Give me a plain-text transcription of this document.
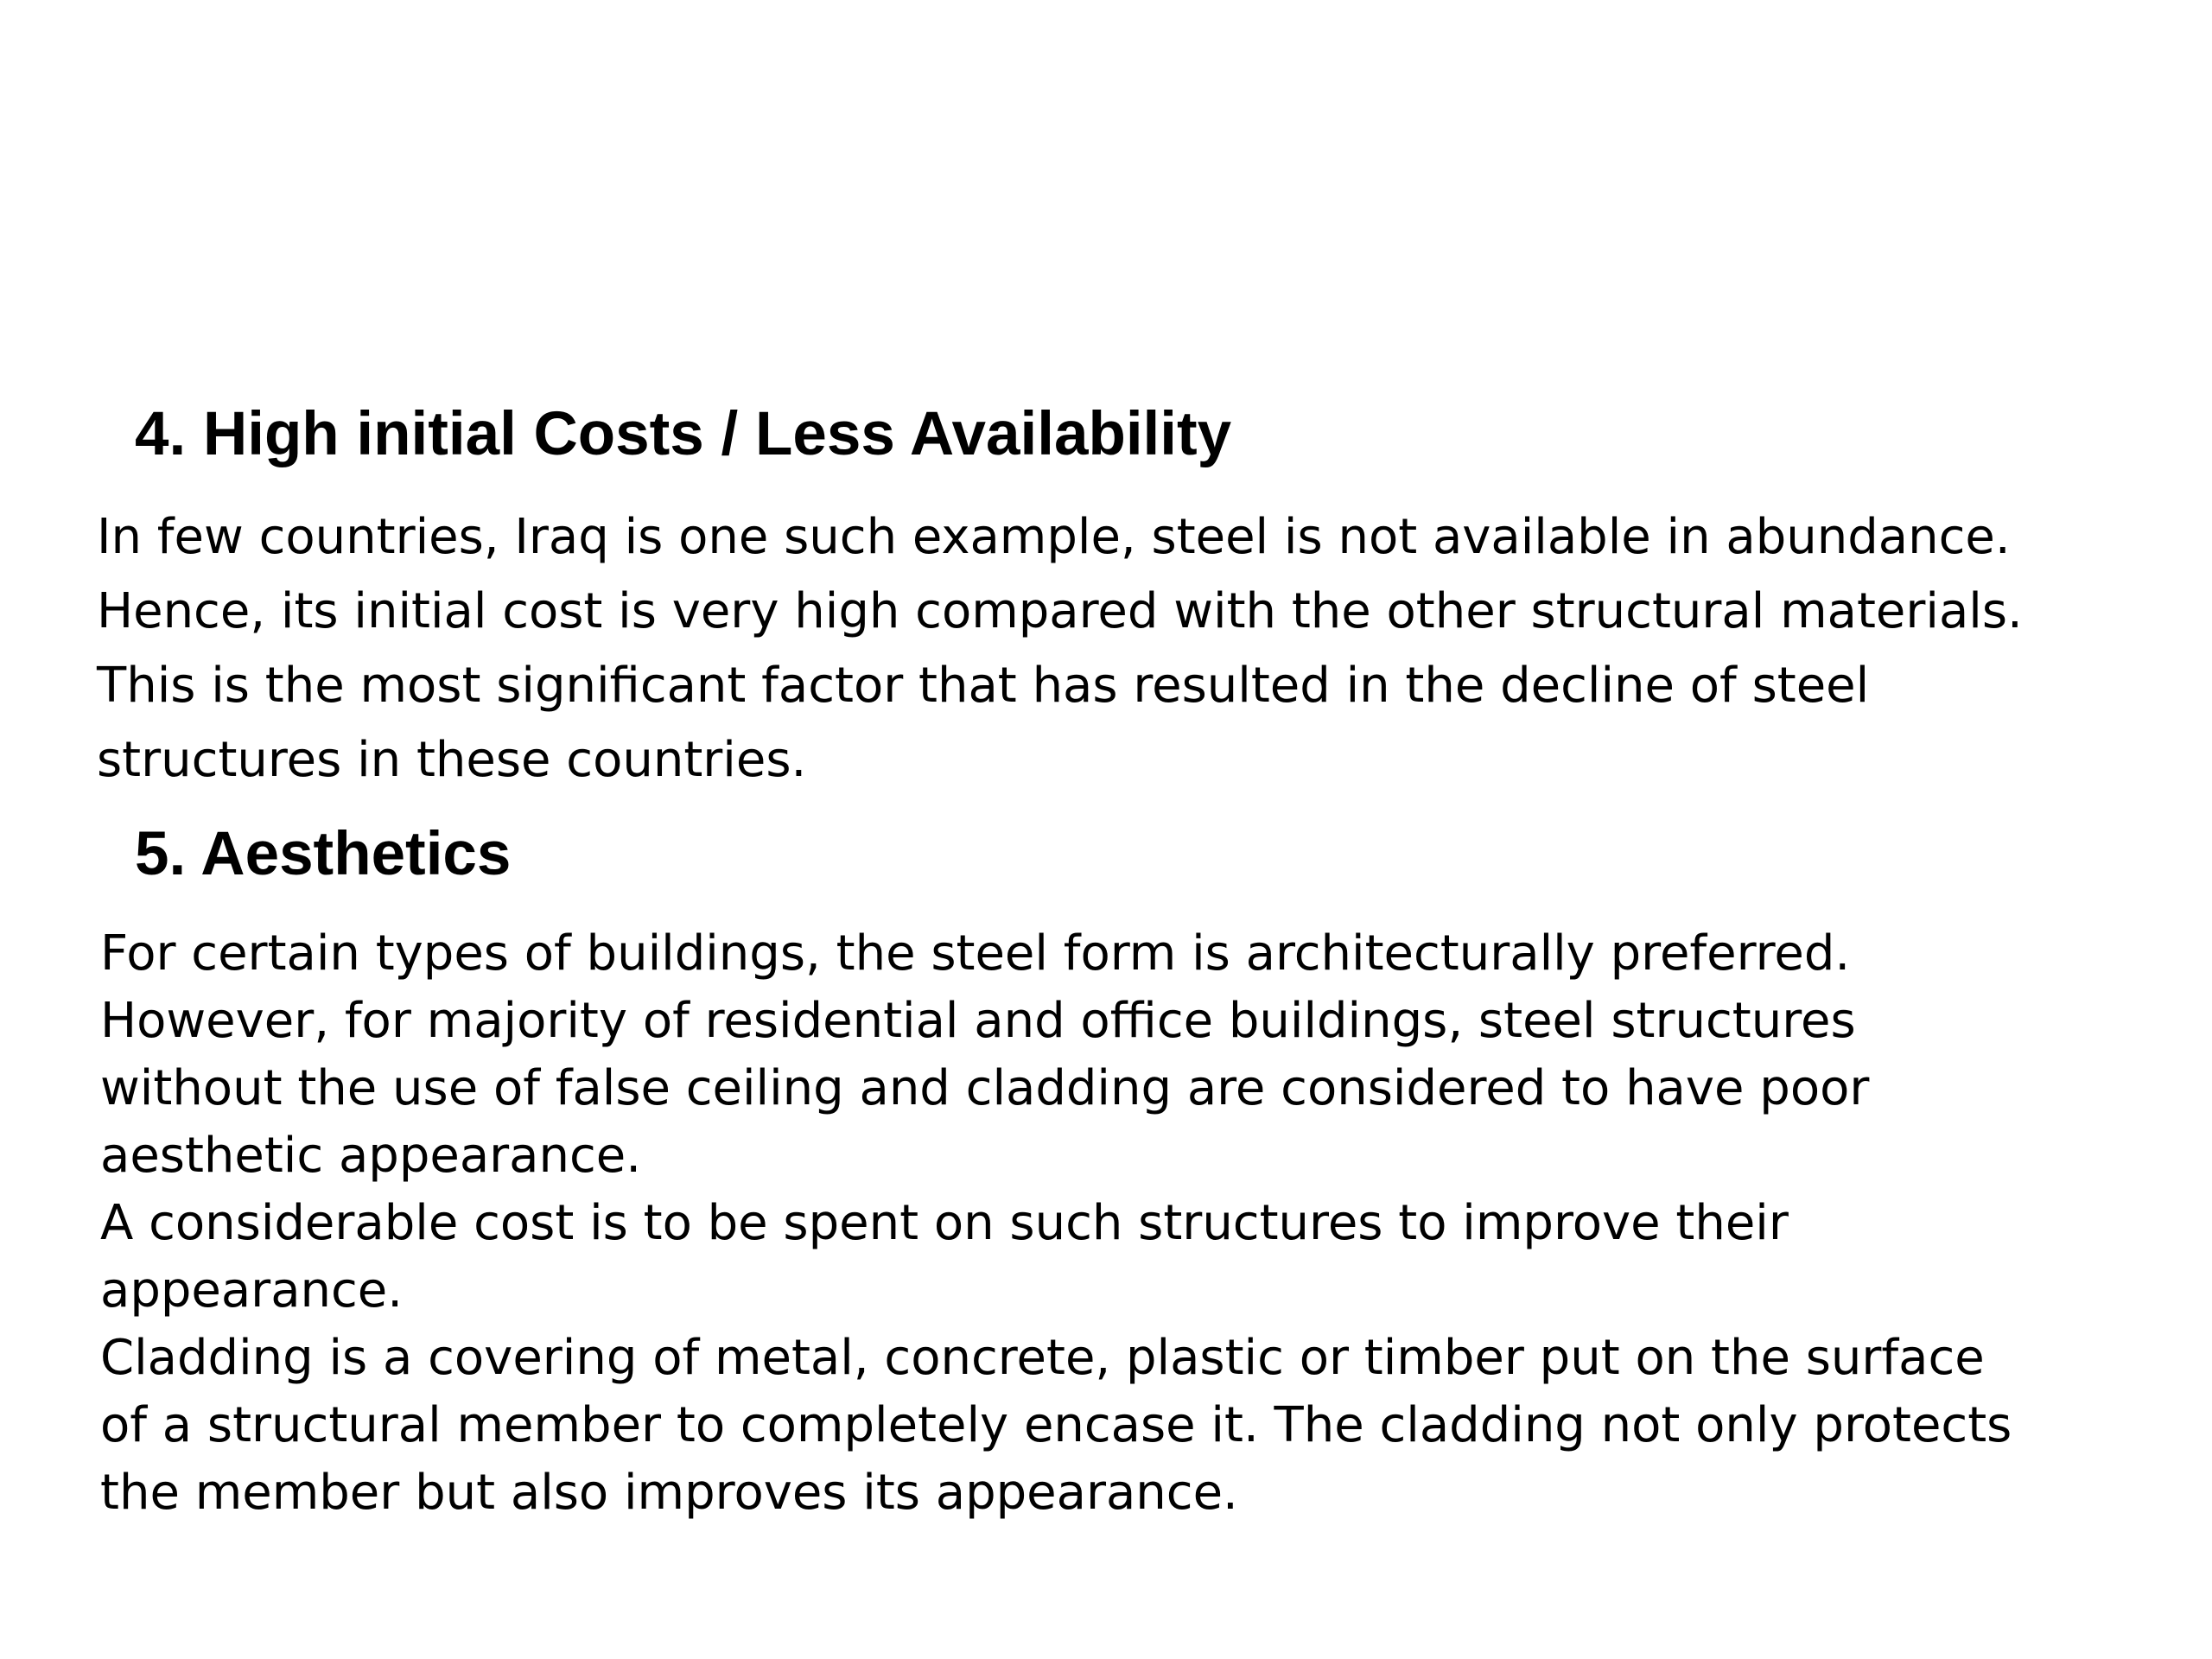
4. High initial Costs / Less Availability
In few countries, Iraq is one such example, steel is not available in abundance.
Hence, its initial cost is very high compared with the other structural materials.
This is the most significant factor that has resulted in the decline of steel
structures in these countries.
5. Aesthetics
For certain types of buildings, the steel form is architecturally preferred.
However, for majority of residential and office buildings, steel structures
without the use of false ceiling and cladding are considered to have poor
aesthetic appearance.
A considerable cost is to be spent on such structures to improve their
appearance.
Cladding is a covering of metal, concrete, plastic or timber put on the surface
of a structural member to completely encase it. The cladding not only protects
the member but also improves its appearance.
